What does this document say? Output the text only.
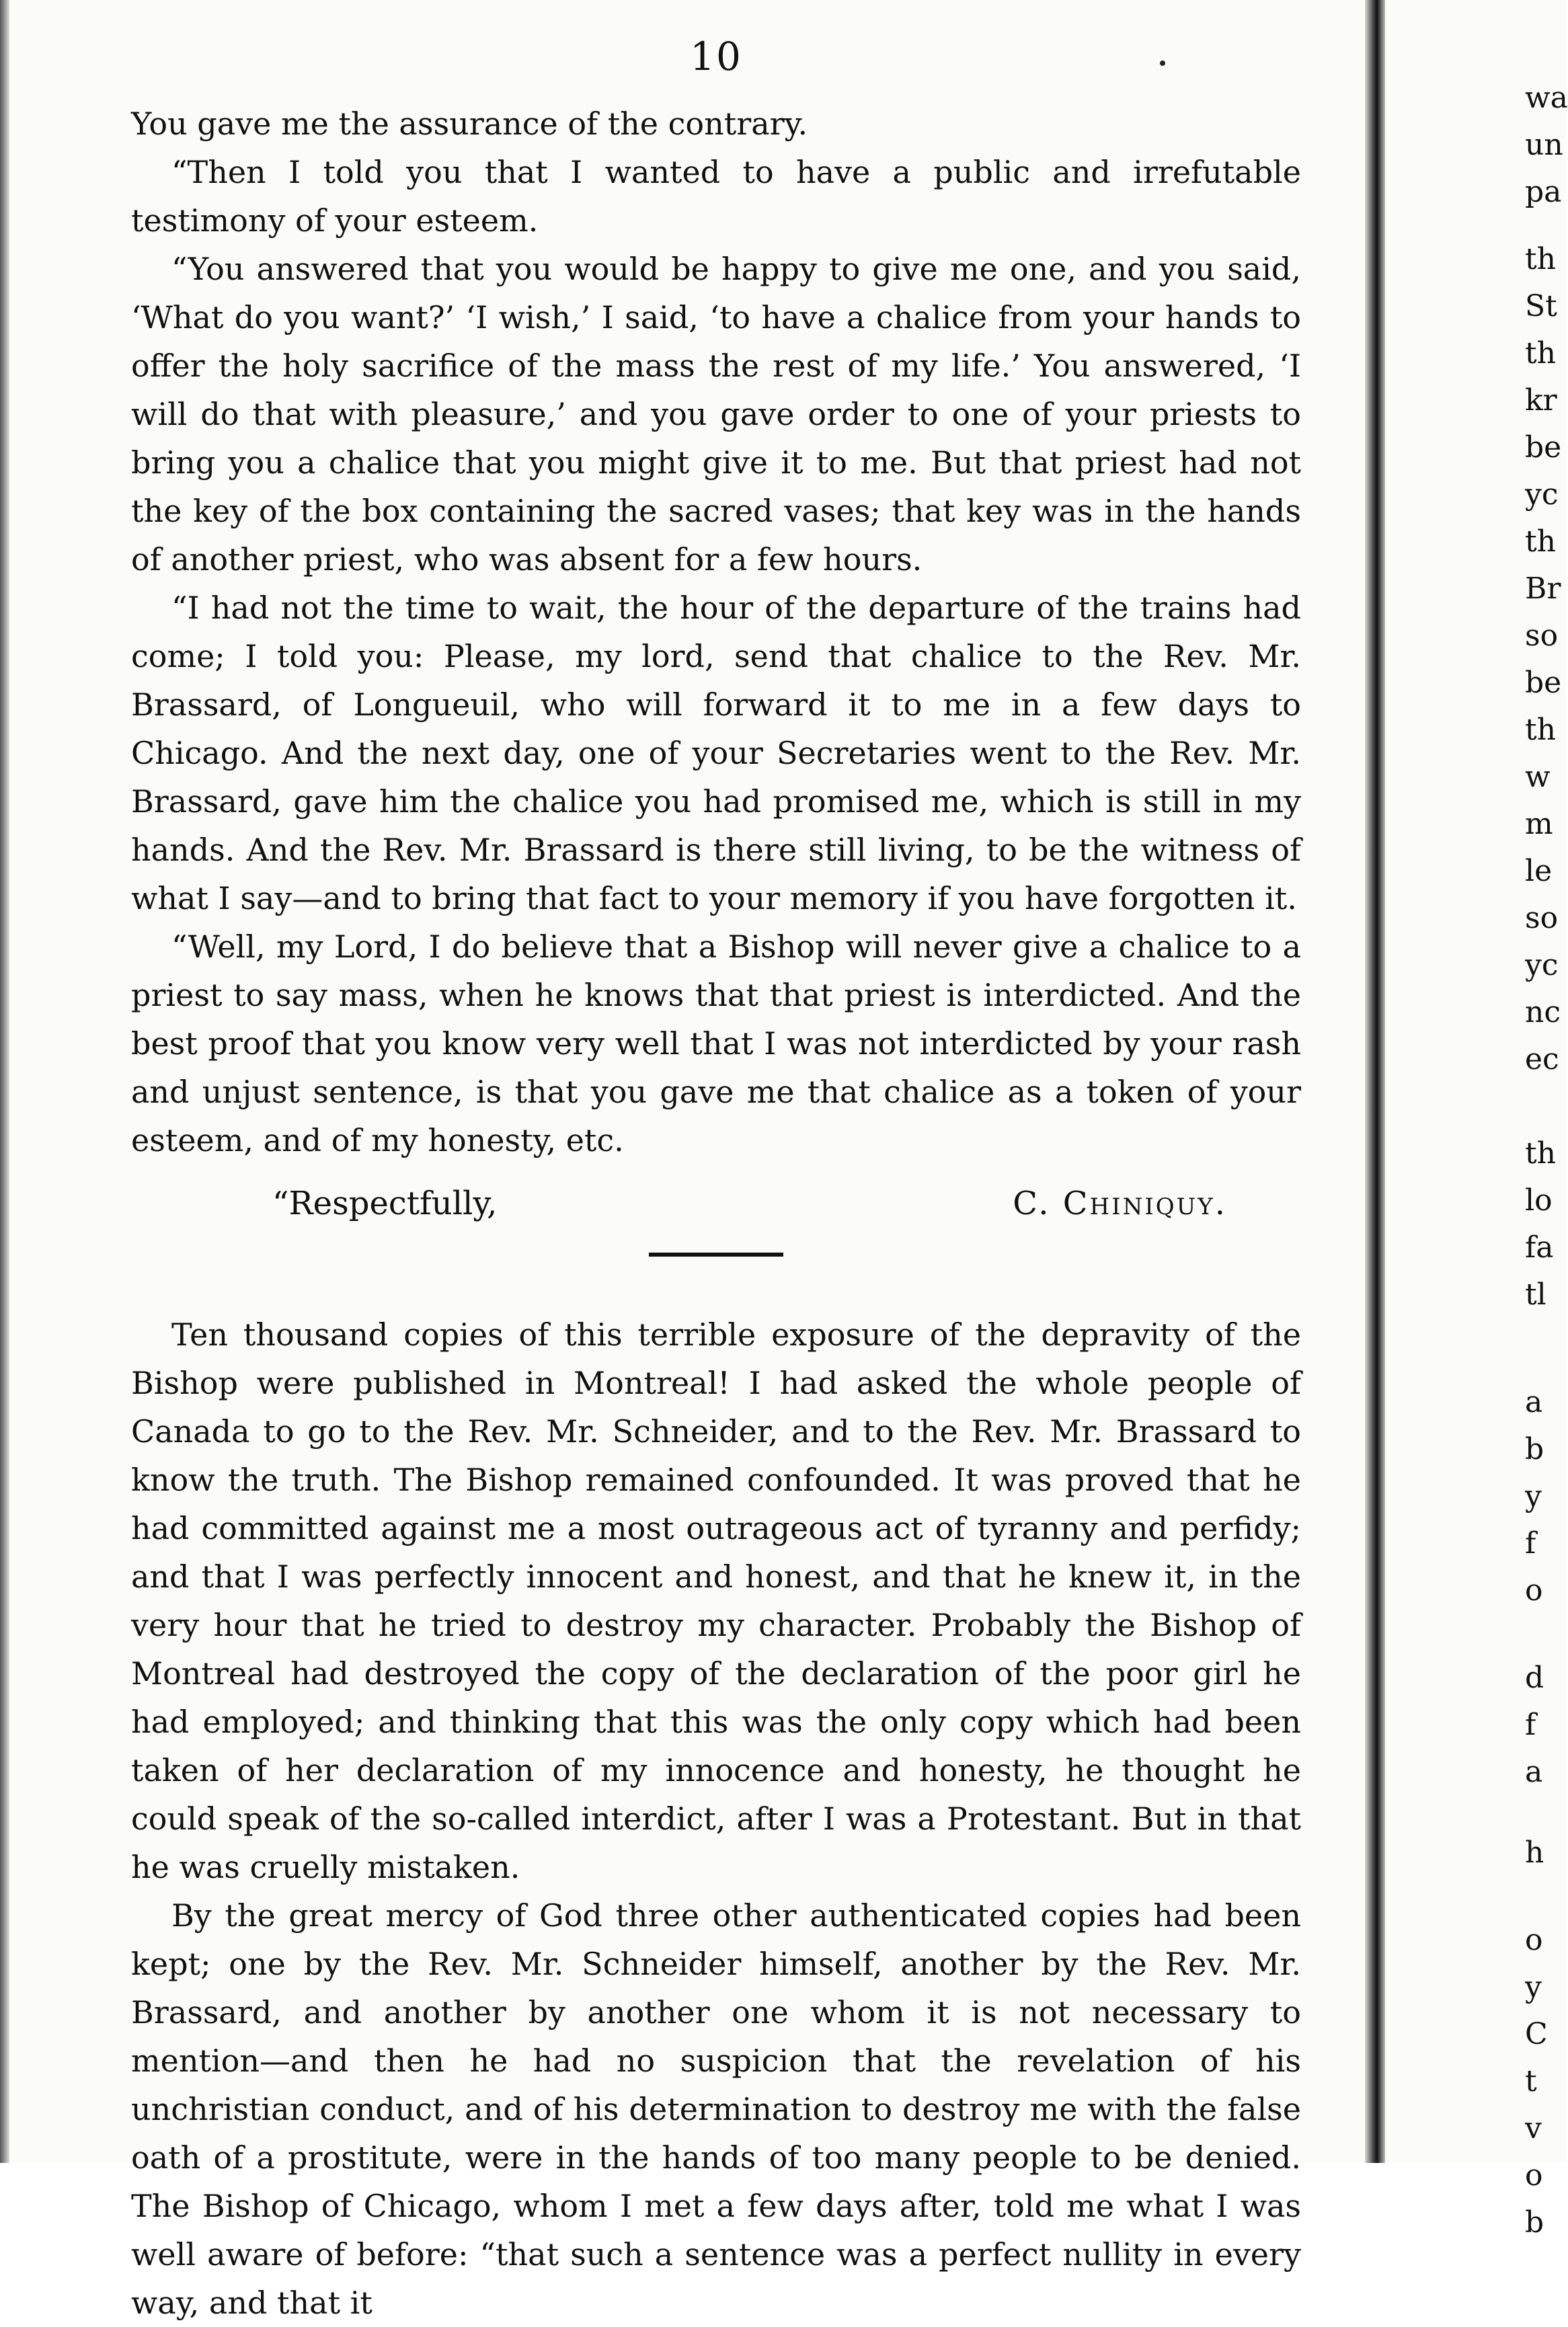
10

You gave me the assurance of the contrary.

“Then I told you that I wanted to have a public and irrefutable testimony of your esteem.

“You answered that you would be happy to give me one, and you said, ‘What do you want?’ ‘I wish,’ I said, ‘to have a chalice from your hands to offer the holy sacrifice of the mass the rest of my life.’ You answered, ‘I will do that with pleasure,’ and you gave order to one of your priests to bring you a chalice that you might give it to me. But that priest had not the key of the box containing the sacred vases; that key was in the hands of another priest, who was absent for a few hours.

“I had not the time to wait, the hour of the departure of the trains had come; I told you: Please, my lord, send that chalice to the Rev. Mr. Brassard, of Longueuil, who will forward it to me in a few days to Chicago. And the next day, one of your Secretaries went to the Rev. Mr. Brassard, gave him the chalice you had promised me, which is still in my hands. And the Rev. Mr. Brassard is there still living, to be the witness of what I say—and to bring that fact to your memory if you have forgotten it.

“Well, my Lord, I do believe that a Bishop will never give a chalice to a priest to say mass, when he knows that that priest is interdicted. And the best proof that you know very well that I was not interdicted by your rash and unjust sentence, is that you gave me that chalice as a token of your esteem, and of my honesty, etc.

“Respectfully,	C. Chiniquy.

Ten thousand copies of this terrible exposure of the depravity of the Bishop were published in Montreal! I had asked the whole people of Canada to go to the Rev. Mr. Schneider, and to the Rev. Mr. Brassard to know the truth. The Bishop remained confounded. It was proved that he had committed against me a most outrageous act of tyranny and perfidy; and that I was perfectly innocent and honest, and that he knew it, in the very hour that he tried to destroy my character. Probably the Bishop of Montreal had destroyed the copy of the declaration of the poor girl he had employed; and thinking that this was the only copy which had been taken of her declaration of my innocence and honesty, he thought he could speak of the so-called interdict, after I was a Protestant. But in that he was cruelly mistaken.

By the great mercy of God three other authenticated copies had been kept; one by the Rev. Mr. Schneider himself, another by the Rev. Mr. Brassard, and another by another one whom it is not necessary to mention—and then he had no suspicion that the revelation of his unchristian conduct, and of his determination to destroy me with the false oath of a prostitute, were in the hands of too many people to be denied. The Bishop of Chicago, whom I met a few days after, told me what I was well aware of before: “that such a sentence was a perfect nullity in every way, and that it

wa
un
pa
th
St
th
kr
be
yc
th
Br
so
be
th
w
m
le
so
yc
nc
ec
th
lo
fa
tl
a
b
y
f
o
d
f
a
h
o
y
C
t
v
o
b
